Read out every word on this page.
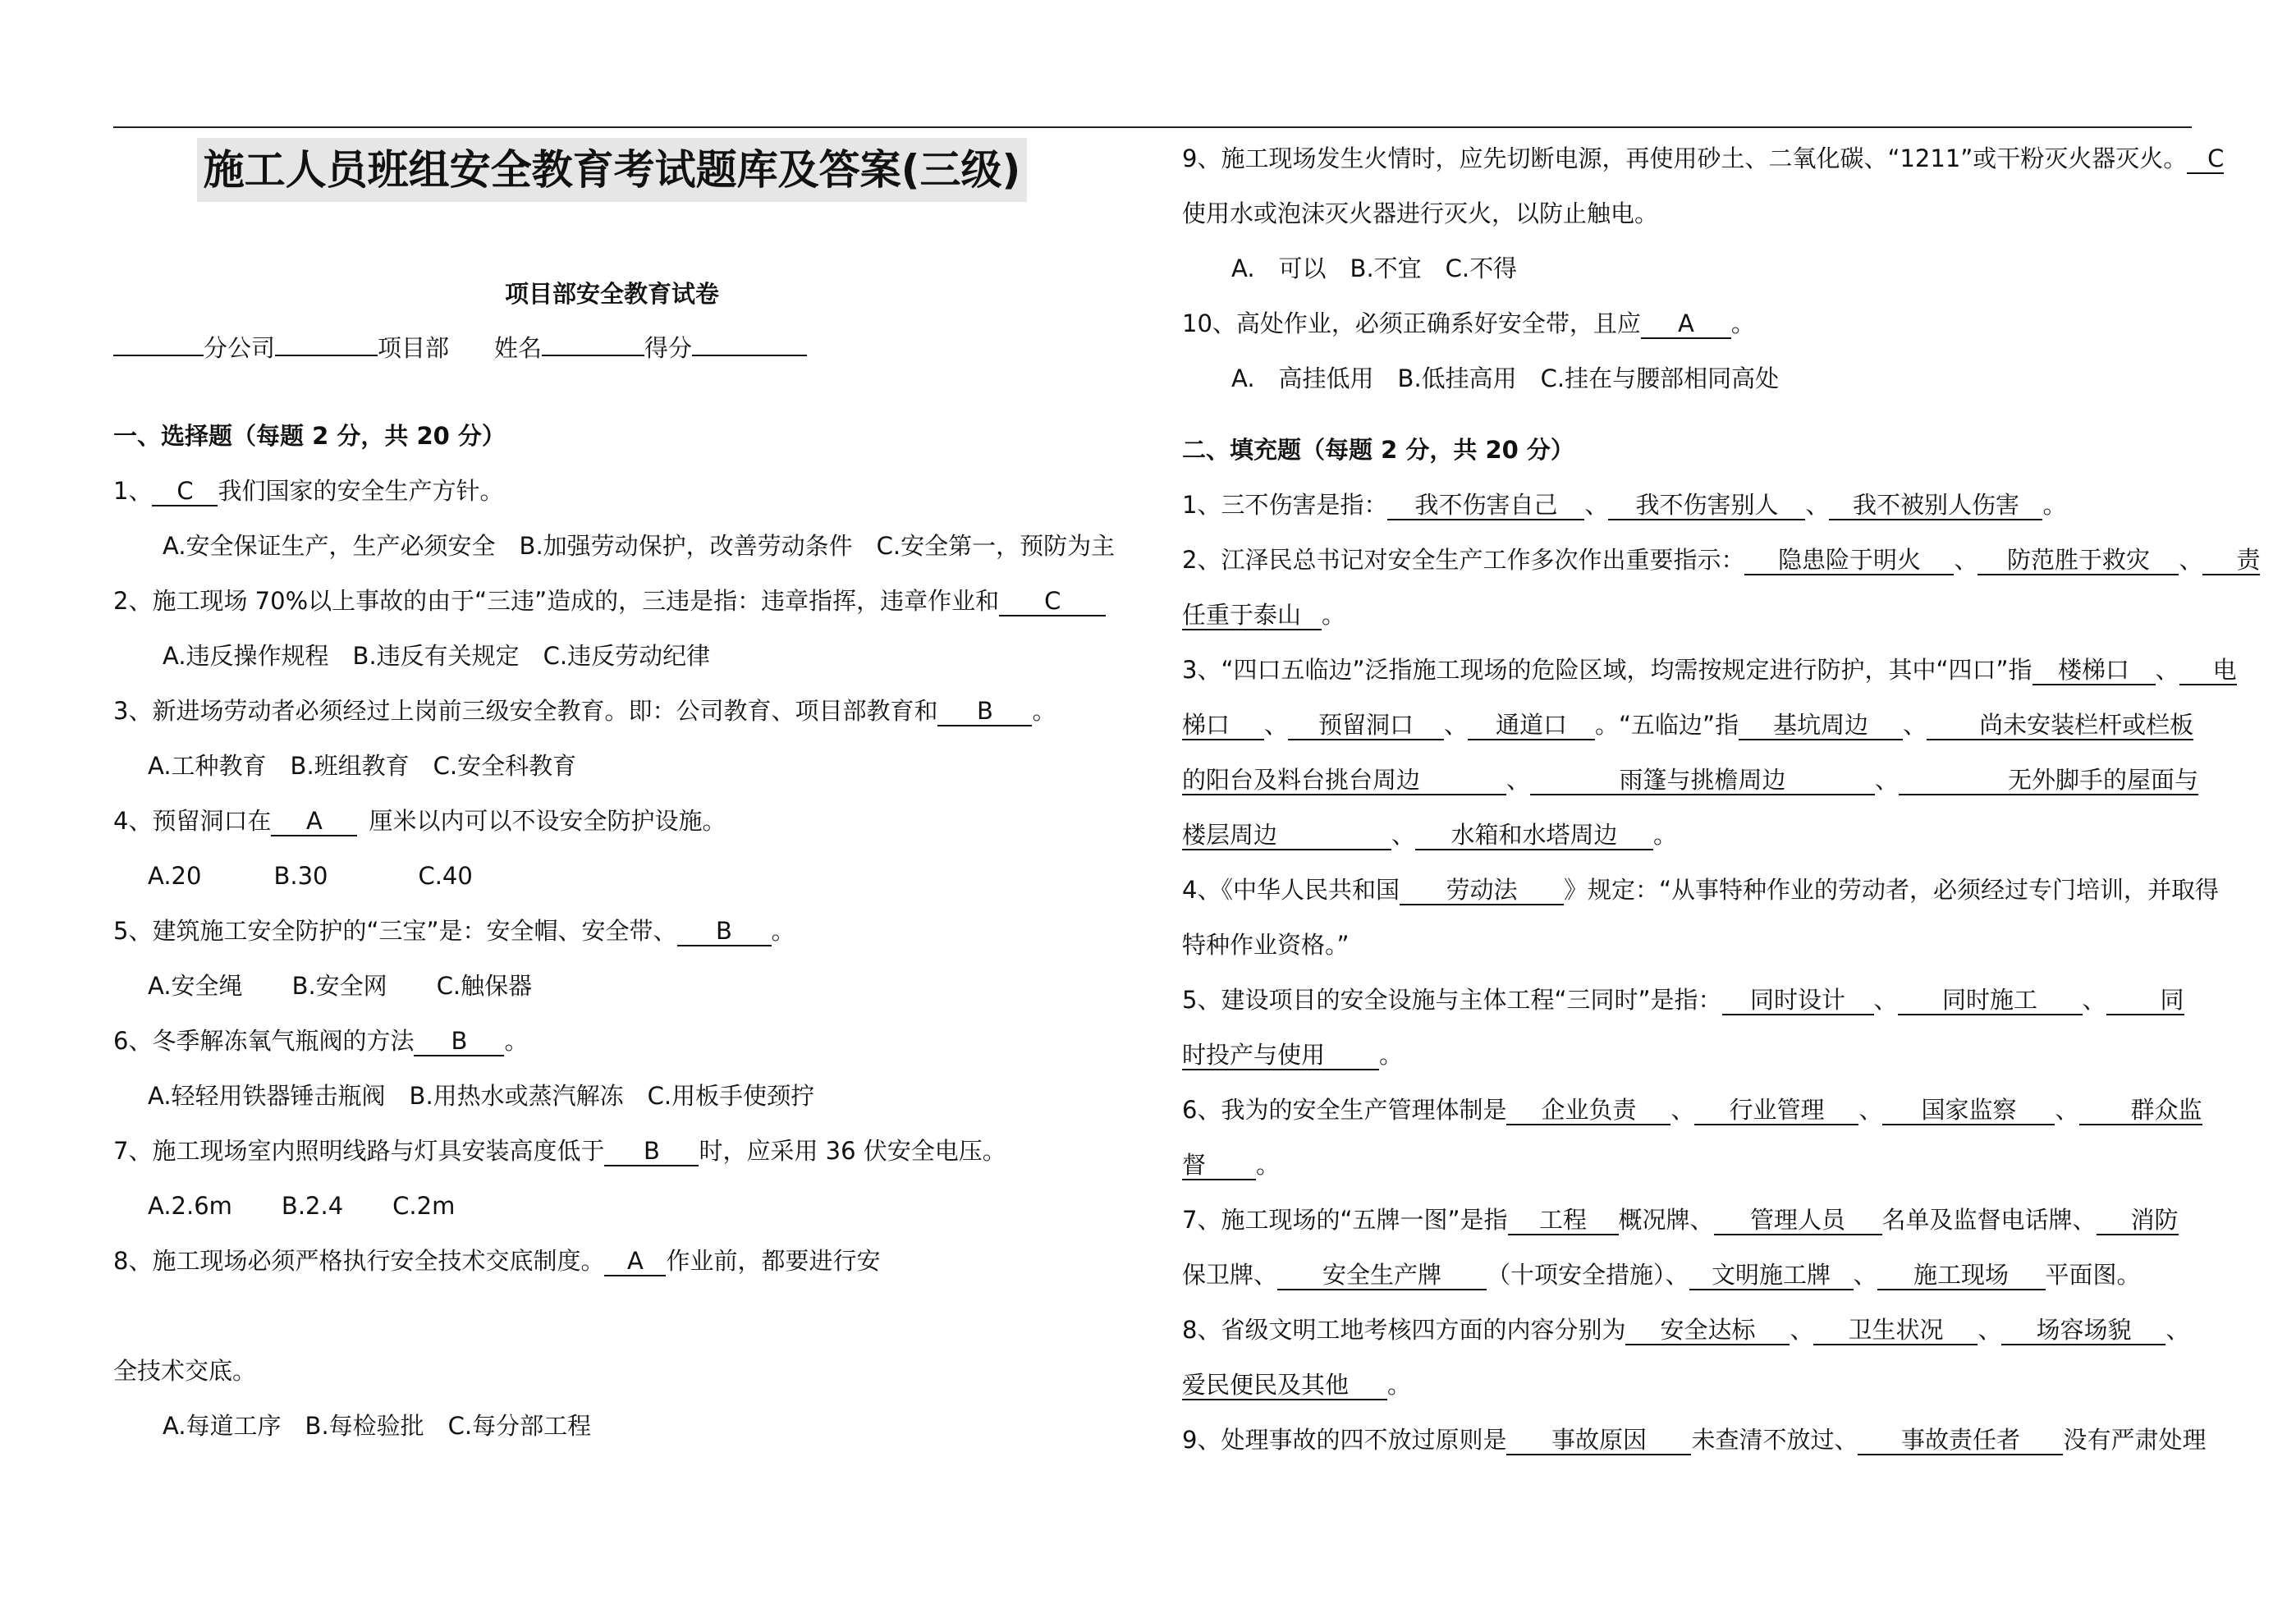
施工人员班组安全教育考试题库及答案(三级)
项目部安全教育试卷
分公司	项目部 姓名	得分
一、选择题（每题 2 分，共 20 分）
1、 C 我们国家的安全生产方针。
A.安全保证生产，生产必须安全　B.加强劳动保护，改善劳动条件　C.安全第一，预防为主
2、施工现场 70%以上事故的由于“三违”造成的，三违是指：违章指挥，违章作业和 C
A.违反操作规程　B.违反有关规定　C.违反劳动纪律
3、新进场劳动者必须经过上岗前三级安全教育。即：公司教育、项目部教育和 B 。
A.工种教育　B.班组教育　C.安全科教育
4、预留洞口在 A 厘米以内可以不设安全防护设施。
A.20	B.30	C.40
5、建筑施工安全防护的“三宝”是：安全帽、安全带、 B 。
A.安全绳 B.安全网 C.触保器
6、冬季解冻氧气瓶阀的方法 B 。
A.轻轻用铁器锤击瓶阀　B.用热水或蒸汽解冻　C.用板手使颈拧
7、施工现场室内照明线路与灯具安装高度低于 B 时，应采用 36 伏安全电压。
A.2.6m B.2.4 C.2m
8、施工现场必须严格执行安全技术交底制度。 A 作业前，都要进行安
全技术交底。
A.每道工序　B.每检验批　C.每分部工程
9、施工现场发生火情时，应先切断电源，再使用砂土、二氧化碳、“1211”或干粉灭火器灭火。 C
使用水或泡沫灭火器进行灭火，以防止触电。
A.　可以　B.不宜　C.不得
10、高处作业，必须正确系好安全带，且应 A 。
A.　高挂低用　B.低挂高用　C.挂在与腰部相同高处
二、填充题（每题 2 分，共 20 分）
1、三不伤害是指： 我不伤害自己 、 我不伤害别人 、 我不被别人伤害 。
2、江泽民总书记对安全生产工作多次作出重要指示： 隐患险于明火 、 防范胜于救灾 、 责
任重于泰山 。
3、“四口五临边”泛指施工现场的危险区域，均需按规定进行防护，其中“四口”指 楼梯口 、 电
梯口 、 预留洞口 、 通道口 。“五临边”指 基坑周边 、 尚未安装栏杆或栏板
的阳台及料台挑台周边	、	雨篷与挑檐周边	、	无外脚手的屋面与
楼层周边	、 水箱和水塔周边 。
4、《中华人民共和国 劳动法 》规定：“从事特种作业的劳动者，必须经过专门培训，并取得
特种作业资格。”
5、建设项目的安全设施与主体工程“三同时”是指： 同时设计 、 同时施工 、 同
时投产与使用 。
6、我为的安全生产管理体制是 企业负责 、 行业管理 、 国家监察 、 群众监
督 。
7、施工现场的“五牌一图”是指 工程 概况牌、 管理人员 名单及监督电话牌、 消防
保卫牌、 安全生产牌 （十项安全措施）、 文明施工牌 、 施工现场 平面图。
8、省级文明工地考核四方面的内容分别为 安全达标 、 卫生状况 、 场容场貌 、
爱民便民及其他 。
9、处理事故的四不放过原则是 事故原因 未查清不放过、 事故责任者 没有严肃处理
